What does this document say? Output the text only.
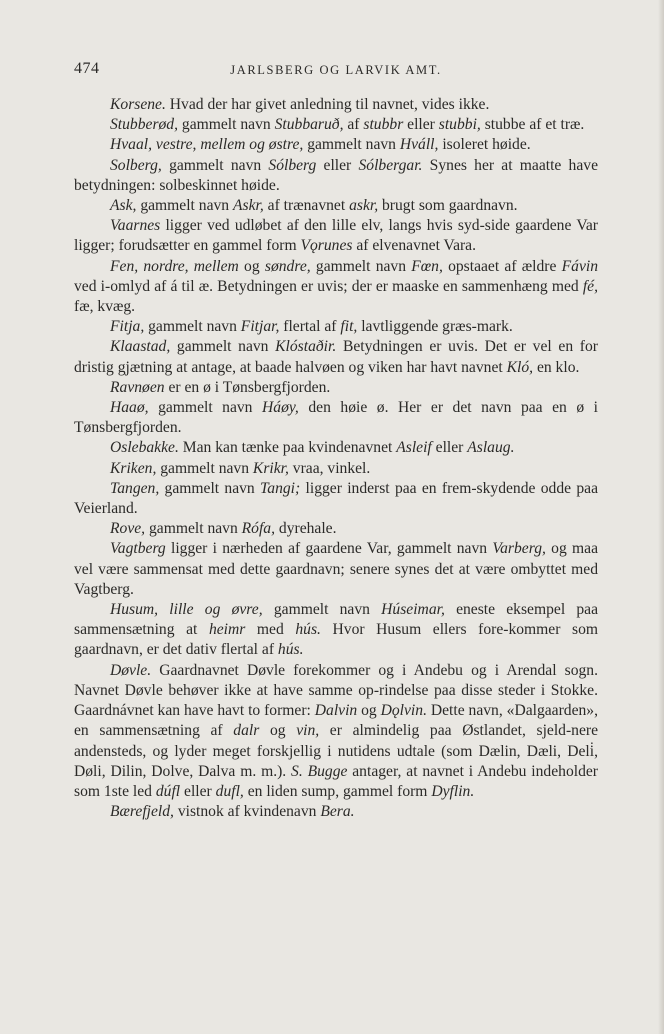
474	JARLSBERG OG LARVIK AMT.

Korsene. Hvad der har givet anledning til navnet, vides ikke.

Stubberød, gammelt navn Stubbaruð, af stubbr eller stubbi, stubbe af et træ.

Hvaal, vestre, mellem og østre, gammelt navn Hváll, isoleret høide.

Solberg, gammelt navn Sólberg eller Sólbergar. Synes her at maatte have betydningen: solbeskinnet høide.

Ask, gammelt navn Askr, af trænavnet askr, brugt som gaardnavn.

Vaarnes ligger ved udløbet af den lille elv, langs hvis syd-side gaardene Var ligger; forudsætter en gammel form Vǫrunes af elvenavnet Vara.

Fen, nordre, mellem og søndre, gammelt navn Fœn, opstaaet af ældre Fávin ved i-omlyd af á til æ. Betydningen er uvis; der er maaske en sammenhæng med fé, fæ, kvæg.

Fitja, gammelt navn Fitjar, flertal af fit, lavtliggende græs-mark.

Klaastad, gammelt navn Klóstaðir. Betydningen er uvis. Det er vel en for dristig gjætning at antage, at baade halvøen og viken har havt navnet Kló, en klo.

Ravnøen er en ø i Tønsbergfjorden.

Haaø, gammelt navn Háøy, den høie ø. Her er det navn paa en ø i Tønsbergfjorden.

Oslebakke. Man kan tænke paa kvindenavnet Asleif eller Aslaug.

Kriken, gammelt navn Krikr, vraa, vinkel.

Tangen, gammelt navn Tangi; ligger inderst paa en frem-skydende odde paa Veierland.

Rove, gammelt navn Rófa, dyrehale.

Vagtberg ligger i nærheden af gaardene Var, gammelt navn Varberg, og maa vel være sammensat med dette gaardnavn; senere synes det at være ombyttet med Vagtberg.

Husum, lille og øvre, gammelt navn Húseimar, eneste eksempel paa sammensætning at heimr med hús. Hvor Husum ellers fore-kommer som gaardnavn, er det dativ flertal af hús.

Døvle. Gaardnavnet Døvle forekommer og i Andebu og i Arendal sogn. Navnet Døvle behøver ikke at have samme op-rindelse paa disse steder i Stokke. Gaardnávnet kan have havt to former: Dalvin og Dǫlvin. Dette navn, «Dalgaarden», en sammensætning af dalr og vin, er almindelig paa Østlandet, sjeld-nere andensteds, og lyder meget forskjellig i nutidens udtale (som Dælin, Dæli, Deli̇, Døli, Dilin, Dolve, Dalva m. m.). S. Bugge antager, at navnet i Andebu indeholder som 1ste led dúfl eller dufl, en liden sump, gammel form Dyflin.

Bærefjeld, vistnok af kvindenavn Bera.
